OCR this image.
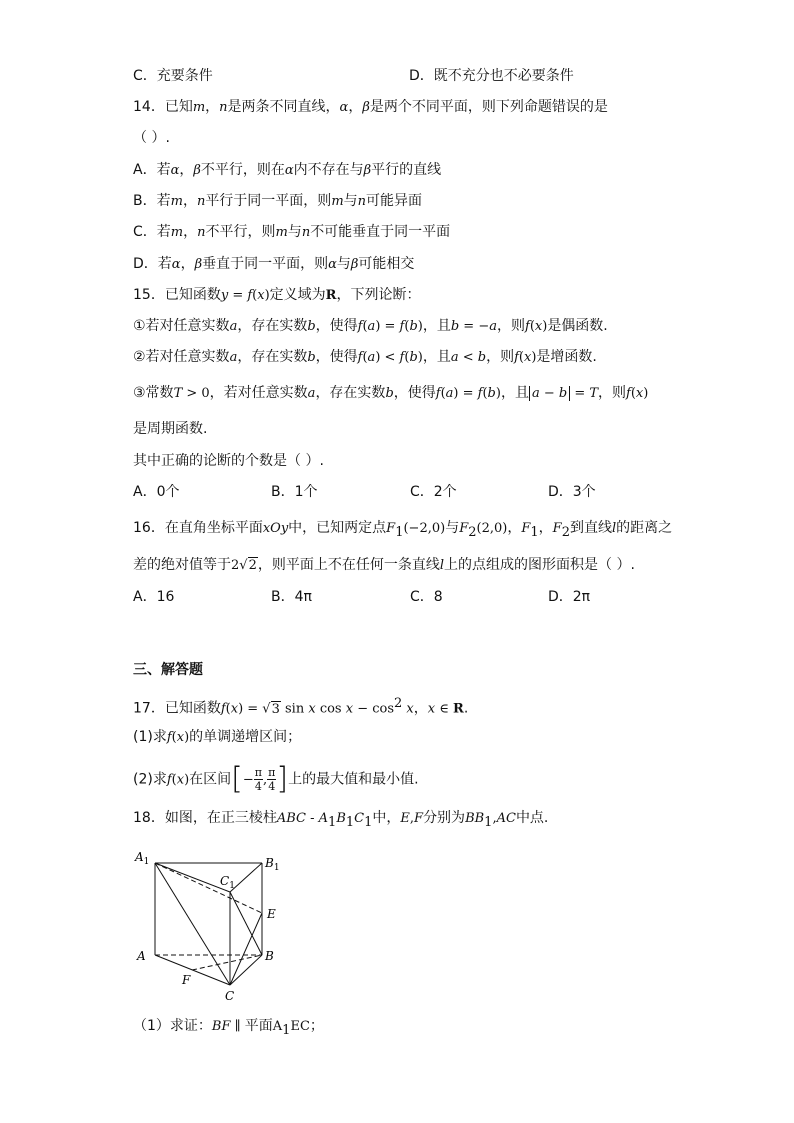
C．充要条件	D．既不充分也不必要条件
14．已知m，n是两条不同直线，α，β是两个不同平面，则下列命题错误的是
（ ）.
A．若α，β不平行，则在α内不存在与β平行的直线
B．若m，n平行于同一平面，则m与n可能异面
C．若m，n不平行，则m与n不可能垂直于同一平面
D．若α，β垂直于同一平面，则α与β可能相交
15．已知函数y = f(x)定义域为R，下列论断：
①若对任意实数a，存在实数b，使得f(a) = f(b)，且b = −a，则f(x)是偶函数.
②若对任意实数a，存在实数b，使得f(a) < f(b)，且a < b，则f(x)是增函数.
③常数T > 0，若对任意实数a，存在实数b，使得f(a) = f(b)，且 a − b = T，则f(x)
是周期函数.
其中正确的论断的个数是（ ）.
A．0个	B．1个	C．2个	D．3个
16．在直角坐标平面xOy中，已知两定点$F_1(-2,0)$与$F_2(2,0)$，$F_1$，$F_2$到直线l的距离之
差的绝对值等于2√2，则平面上不在任何一条直线l上的点组成的图形面积是（ ）.
A．16	B．4π	C．8	D．2π
三、解答题
17．已知函数f(x) = √3 sin x $\cos x - \cos^2 x$，x ∈ R.
(1)求f(x)的单调递增区间；
(2)求f(x)在区间[− $\frac{\pi}{4}$ , $\frac{\pi}{4}$ ]上的最大值和最小值.
18．如图，在正三棱柱ABC - $A_1B_1C_1$中，E,F分别为$BB_1,AC$中点.
$A_1$	$B_1$
$C_1$
E
A	B
F
C
（1）求证：BF ∥ 平面$A_1EC$；
